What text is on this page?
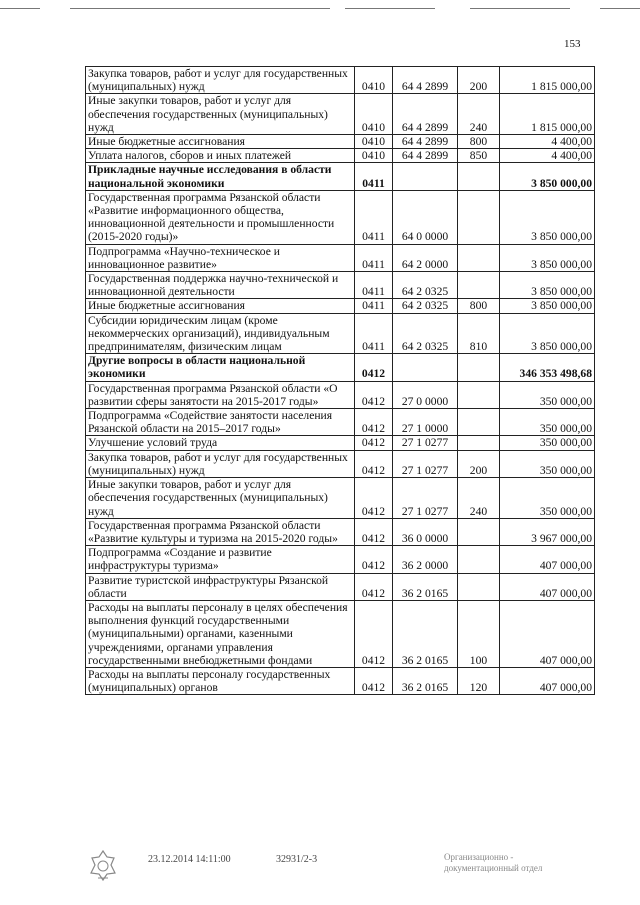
153
Закупка товаров, работ и услуг для государственных (муниципальных) нужд	0410	64 4 2899	200	1 815 000,00
Иные закупки товаров, работ и услуг для обеспечения государственных (муниципальных) нужд	0410	64 4 2899	240	1 815 000,00
Иные бюджетные ассигнования	0410	64 4 2899	800	4 400,00
Уплата налогов, сборов и иных платежей	0410	64 4 2899	850	4 400,00
Прикладные научные исследования в области национальной экономики	0411			3 850 000,00
Государственная программа Рязанской области «Развитие информационного общества, инновационной деятельности и промышленности (2015-2020 годы)»	0411	64 0 0000		3 850 000,00
Подпрограмма «Научно-техническое и инновационное развитие»	0411	64 2 0000		3 850 000,00
Государственная поддержка научно-технической и инновационной деятельности	0411	64 2 0325		3 850 000,00
Иные бюджетные ассигнования	0411	64 2 0325	800	3 850 000,00
Субсидии юридическим лицам (кроме некоммерческих организаций), индивидуальным предпринимателям, физическим лицам	0411	64 2 0325	810	3 850 000,00
Другие вопросы в области национальной экономики	0412			346 353 498,68
Государственная программа Рязанской области «О развитии сферы занятости на 2015-2017 годы»	0412	27 0 0000		350 000,00
Подпрограмма «Содействие занятости населения Рязанской области на 2015–2017 годы»	0412	27 1 0000		350 000,00
Улучшение условий труда	0412	27 1 0277		350 000,00
Закупка товаров, работ и услуг для государственных (муниципальных) нужд	0412	27 1 0277	200	350 000,00
Иные закупки товаров, работ и услуг для обеспечения государственных (муниципальных) нужд	0412	27 1 0277	240	350 000,00
Государственная программа Рязанской области «Развитие культуры и туризма на 2015-2020 годы»	0412	36 0 0000		3 967 000,00
Подпрограмма «Создание и развитие инфраструктуры туризма»	0412	36 2 0000		407 000,00
Развитие туристской инфраструктуры Рязанской области	0412	36 2 0165		407 000,00
Расходы на выплаты персоналу в целях обеспечения выполнения функций государственными (муниципальными) органами, казенными учреждениями, органами управления государственными внебюджетными фондами	0412	36 2 0165	100	407 000,00
Расходы на выплаты персоналу государственных (муниципальных) органов	0412	36 2 0165	120	407 000,00
23.12.2014 14:11:00	32931/2-3	Организационно -
документационный отдел
